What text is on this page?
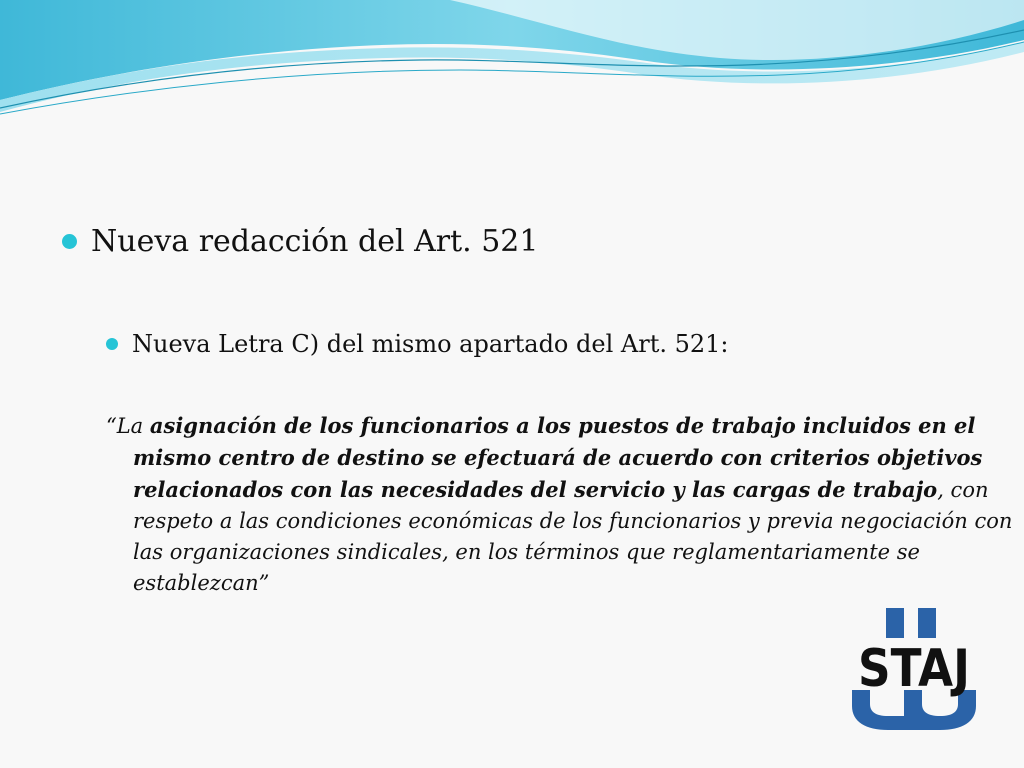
Nueva redacción del Art. 521
Nueva Letra C) del mismo apartado del Art. 521:
“La asignación de los funcionarios a los puestos de trabajo incluidos en el mismo centro de destino se efectuará de acuerdo con criterios objetivos relacionados con las necesidades del servicio y las cargas de trabajo, con respeto a las condiciones económicas de los funcionarios y previa negociación con las organizaciones sindicales, en los términos que reglamentariamente se establezcan”
STAJ
